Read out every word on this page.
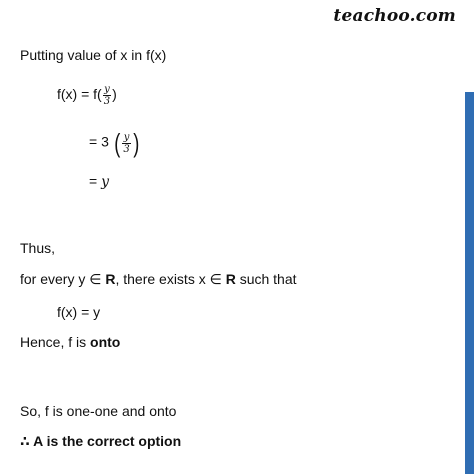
teachoo.com
Putting value of x in f(x)
$f(x) = f( \frac{y}{3}$ )
= 3 ( $\frac{y}{3}$ )
= y
Thus,
for every y ∈ R, there exists x ∈ R such that
f(x) = y
Hence, f is onto
So, f is one-one and onto
∴ A is the correct option
